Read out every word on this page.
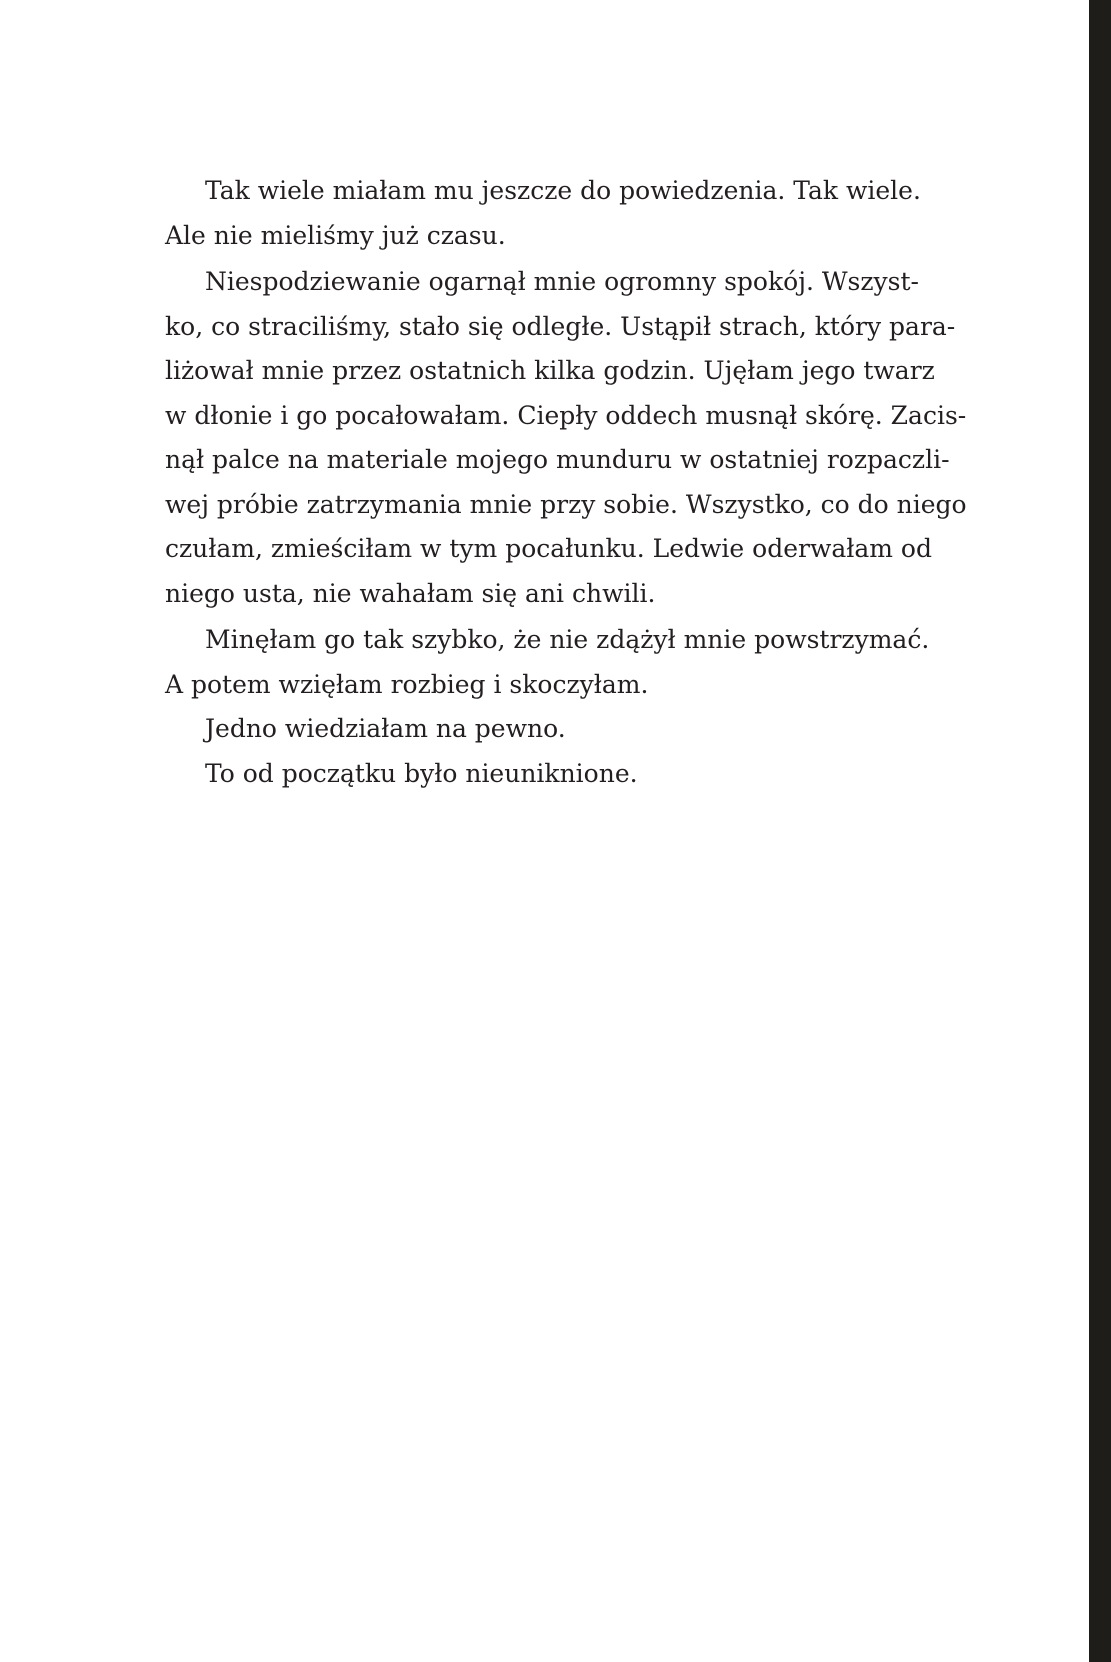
Tak wiele miałam mu jeszcze do powiedzenia. Tak wiele.
Ale nie mieliśmy już czasu.
Niespodziewanie ogarnął mnie ogromny spokój. Wszyst-
ko, co straciliśmy, stało się odległe. Ustąpił strach, który para-
liżował mnie przez ostatnich kilka godzin. Ujęłam jego twarz
w dłonie i go pocałowałam. Ciepły oddech musnął skórę. Zacis-
nął palce na materiale mojego munduru w ostatniej rozpaczli-
wej próbie zatrzymania mnie przy sobie. Wszystko, co do niego
czułam, zmieściłam w tym pocałunku. Ledwie oderwałam od
niego usta, nie wahałam się ani chwili.
Minęłam go tak szybko, że nie zdążył mnie powstrzymać.
A potem wzięłam rozbieg i skoczyłam.
Jedno wiedziałam na pewno.
To od początku było nieuniknione.
